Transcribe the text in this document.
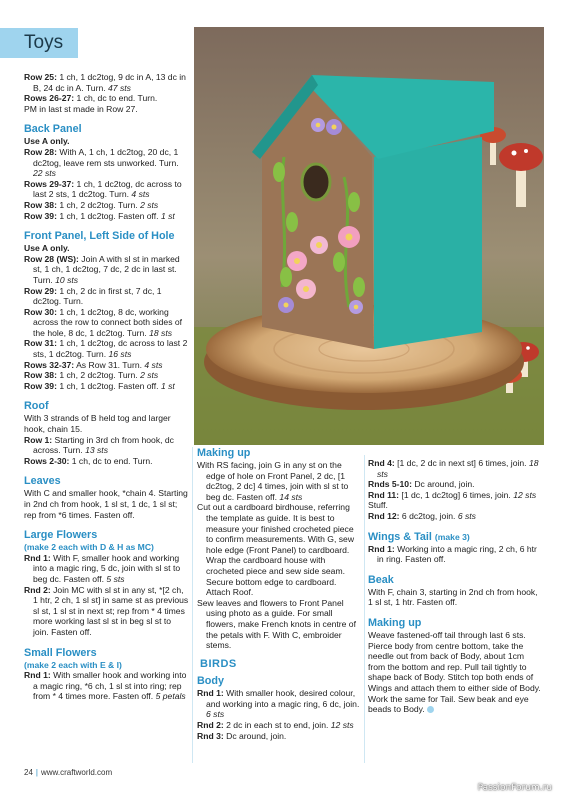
Toys

Row 25: 1 ch, 1 dc2tog, 9 dc in A, 13 dc in B, 24 dc in A. Turn. 47 sts

Rows 26-27: 1 ch, dc to end. Turn.

PM in last st made in Row 27.

Back Panel

Use A only.

Row 28: With A, 1 ch, 1 dc2tog, 20 dc, 1 dc2tog, leave rem sts unworked. Turn. 22 sts

Rows 29-37: 1 ch, 1 dc2tog, dc across to last 2 sts, 1 dc2tog. Turn. 4 sts

Row 38: 1 ch, 2 dc2tog. Turn. 2 sts

Row 39: 1 ch, 1 dc2tog. Fasten off. 1 st

Front Panel, Left Side of Hole

Use A only.

Row 28 (WS): Join A with sl st in marked st, 1 ch, 1 dc2tog, 7 dc, 2 dc in last st. Turn. 10 sts

Row 29: 1 ch, 2 dc in first st, 7 dc, 1 dc2tog. Turn.

Row 30: 1 ch, 1 dc2tog, 8 dc, working across the row to connect both sides of the hole, 8 dc, 1 dc2tog. Turn. 18 sts

Row 31: 1 ch, 1 dc2tog, dc across to last 2 sts, 1 dc2tog. Turn. 16 sts

Rows 32-37: As Row 31. Turn. 4 sts

Row 38: 1 ch, 2 dc2tog. Turn. 2 sts

Row 39: 1 ch, 1 dc2tog. Fasten off. 1 st

Roof

With 3 strands of B held tog and larger hook, chain 15.

Row 1: Starting in 3rd ch from hook, dc across. Turn. 13 sts

Rows 2-30: 1 ch, dc to end. Turn.

Leaves

With C and smaller hook, *chain 4. Starting in 2nd ch from hook, 1 sl st, 1 dc, 1 sl st; rep from *6 times. Fasten off.

Large Flowers

(make 2 each with D & H as MC)

Rnd 1: With F, smaller hook and working into a magic ring, 5 dc, join with sl st to beg dc. Fasten off. 5 sts

Rnd 2: Join MC with sl st in any st, *[2 ch, 1 htr, 2 ch, 1 sl st] in same st as previous sl st, 1 sl st in next st; rep from * 4 times more working last sl st in beg sl st to join. Fasten off.

Small Flowers

(make 2 each with E & I)

Rnd 1: With smaller hook and working into a magic ring, *6 ch, 1 sl st into ring; rep from * 4 times more. Fasten off. 5 petals

Making up

With RS facing, join G in any st on the edge of hole on Front Panel, 2 dc, [1 dc2tog, 2 dc] 4 times, join with sl st to beg dc. Fasten off. 14 sts

Cut out a cardboard birdhouse, referring the template as guide. It is best to measure your finished crocheted piece to confirm measurements. With G, sew hole edge (Front Panel) to cardboard. Wrap the cardboard house with crocheted piece and sew side seam. Secure bottom edge to cardboard. Attach Roof.

Sew leaves and flowers to Front Panel using photo as a guide. For small flowers, make French knots in centre of the petals with F. With C, embroider stems.

BIRDS
Body

Rnd 1: With smaller hook, desired colour, and working into a magic ring, 6 dc, join. 6 sts

Rnd 2: 2 dc in each st to end, join. 12 sts

Rnd 3: Dc around, join.

Rnd 4: [1 dc, 2 dc in next st] 6 times, join. 18 sts

Rnds 5-10: Dc around, join.

Rnd 11: [1 dc, 1 dc2tog] 6 times, join. 12 sts

Stuff.

Rnd 12: 6 dc2tog, join. 6 sts

Wings & Tail (make 3)

Rnd 1: Working into a magic ring, 2 ch, 6 htr in ring. Fasten off.

Beak

With F, chain 3, starting in 2nd ch from hook, 1 sl st, 1 htr. Fasten off.

Making up

Weave fastened-off tail through last 6 sts. Pierce body from centre bottom, take the needle out from back of Body, about 1cm from the bottom and rep. Pull tail tightly to shape back of Body. Stitch top both ends of Wings and attach them to either side of Body. Work the same for Tail. Sew beak and eye beads to Body.

24 | www.craftworld.com
PassionForum.ru
